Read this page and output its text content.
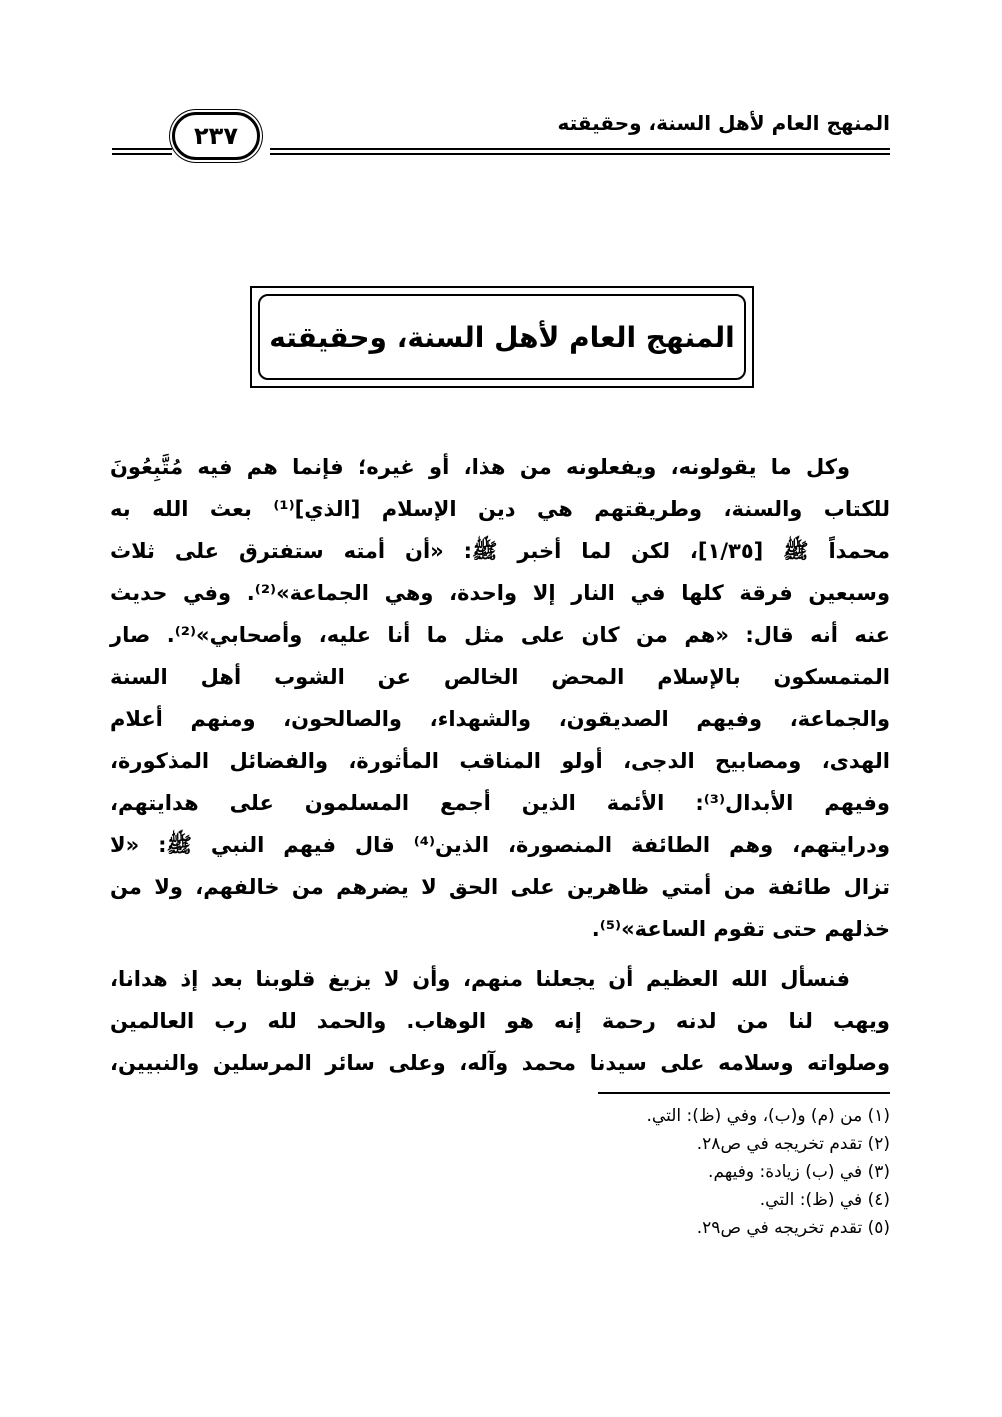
المنهج العام لأهل السنة، وحقيقته
٢٣٧
المنهج العام لأهل السنة، وحقيقته
وكل ما يقولونه، ويفعلونه من هذا، أو غيره؛ فإنما هم فيه مُتَّبِعُونَ
للكتاب والسنة، وطريقتهم هي دين الإسلام [الذي]⁽¹⁾ بعث الله به
محمداً ﷺ [١/٣٥]، لكن لما أخبر ﷺ: «أن أمته ستفترق على ثلاث
وسبعين فرقة كلها في النار إلا واحدة، وهي الجماعة»⁽²⁾. وفي حديث
عنه أنه قال: «هم من كان على مثل ما أنا عليه، وأصحابي»⁽²⁾. صار
المتمسكون بالإسلام المحض الخالص عن الشوب أهل السنة
والجماعة، وفيهم الصديقون، والشهداء، والصالحون، ومنهم أعلام
الهدى، ومصابيح الدجى، أولو المناقب المأثورة، والفضائل المذكورة،
وفيهم الأبدال⁽³⁾: الأئمة الذين أجمع المسلمون على هدايتهم،
ودرايتهم، وهم الطائفة المنصورة، الذين⁽⁴⁾ قال فيهم النبي ﷺ: «لا
تزال طائفة من أمتي ظاهرين على الحق لا يضرهم من خالفهم، ولا من
خذلهم حتى تقوم الساعة»⁽⁵⁾.
فنسأل الله العظيم أن يجعلنا منهم، وأن لا يزيغ قلوبنا بعد إذ هدانا،
ويهب لنا من لدنه رحمة إنه هو الوهاب. والحمد لله رب العالمين
وصلواته وسلامه على سيدنا محمد وآله، وعلى سائر المرسلين والنبيين،
(١) من (م) و(ب)، وفي (ظ): التي.
(٢) تقدم تخريجه في ص٢٨.
(٣) في (ب) زيادة: وفيهم.
(٤) في (ظ): التي.
(٥) تقدم تخريجه في ص٢٩.
